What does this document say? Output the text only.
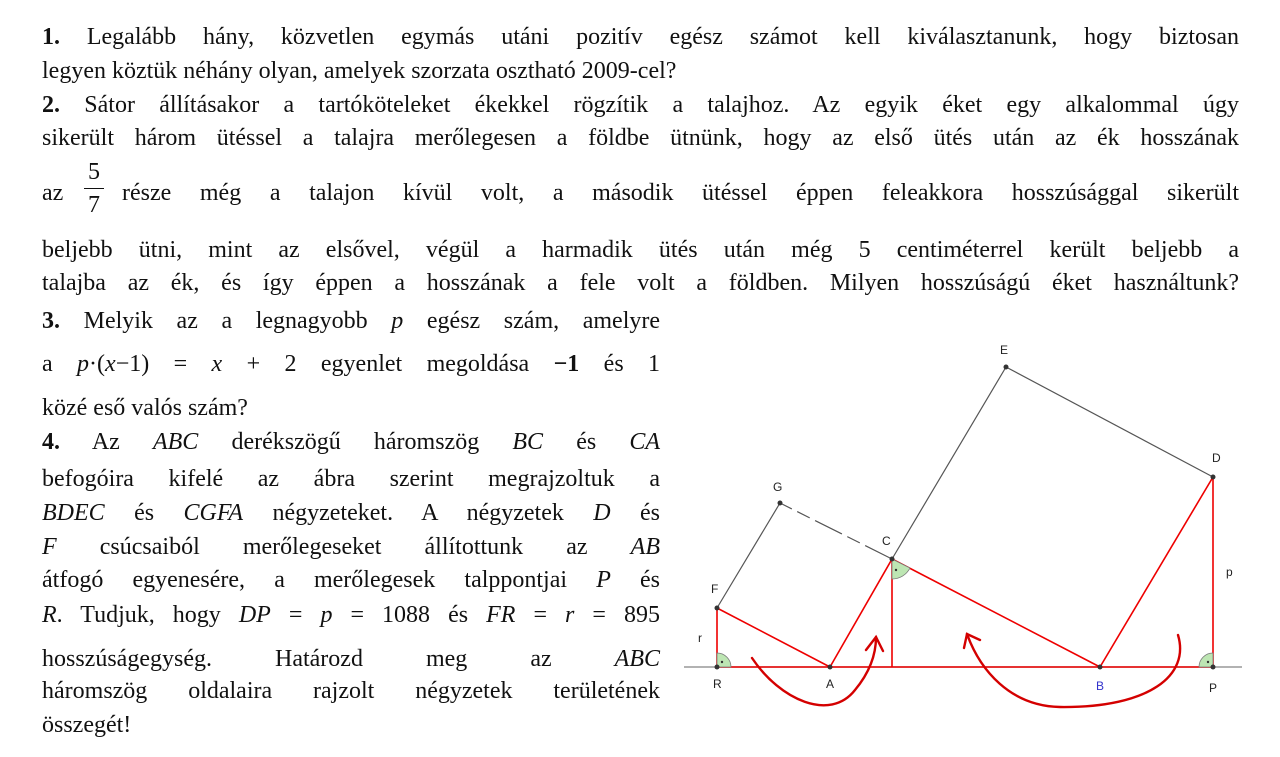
1. Legalább hány, közvetlen egymás utáni pozitív egész számot kell kiválasztanunk, hogy biztosan
legyen köztük néhány olyan, amelyek szorzata osztható 2009-cel?
2. Sátor állításakor a tartóköteleket ékekkel rögzítik a talajhoz. Az egyik éket egy alkalommal úgy
sikerült három ütéssel a talajra merőlegesen a földbe ütnünk, hogy az első ütés után az ék hosszának
az
5
7 része még a talajon kívül volt, a második ütéssel éppen feleakkora hosszúsággal sikerült
beljebb ütni, mint az elsővel, végül a harmadik ütés után még 5 centiméterrel került beljebb a
talajba az ék, és így éppen a hosszának a fele volt a földben. Milyen hosszúságú éket használtunk?
3. Melyik az a legnagyobb p egész szám, amelyre
a p·(x−1) = x + 2 egyenlet megoldása −1 és 1
közé eső valós szám?
4. Az ABC derékszögű háromszög BC és CA
befogóira kifelé az ábra szerint megrajzoltuk a
BDEC és CGFA négyzeteket. A négyzetek D és
F csúcsaiból merőlegeseket állítottunk az AB
átfogó egyenesére, a merőlegesek talppontjai P és
R. Tudjuk, hogy DP = p = 1088 és FR = r = 895
hosszúságegység. Határozd meg az	ABC
háromszög oldalaira rajzolt négyzetek területének
összegét!
E
D
G
C
F
p
r
R	A	B	P
